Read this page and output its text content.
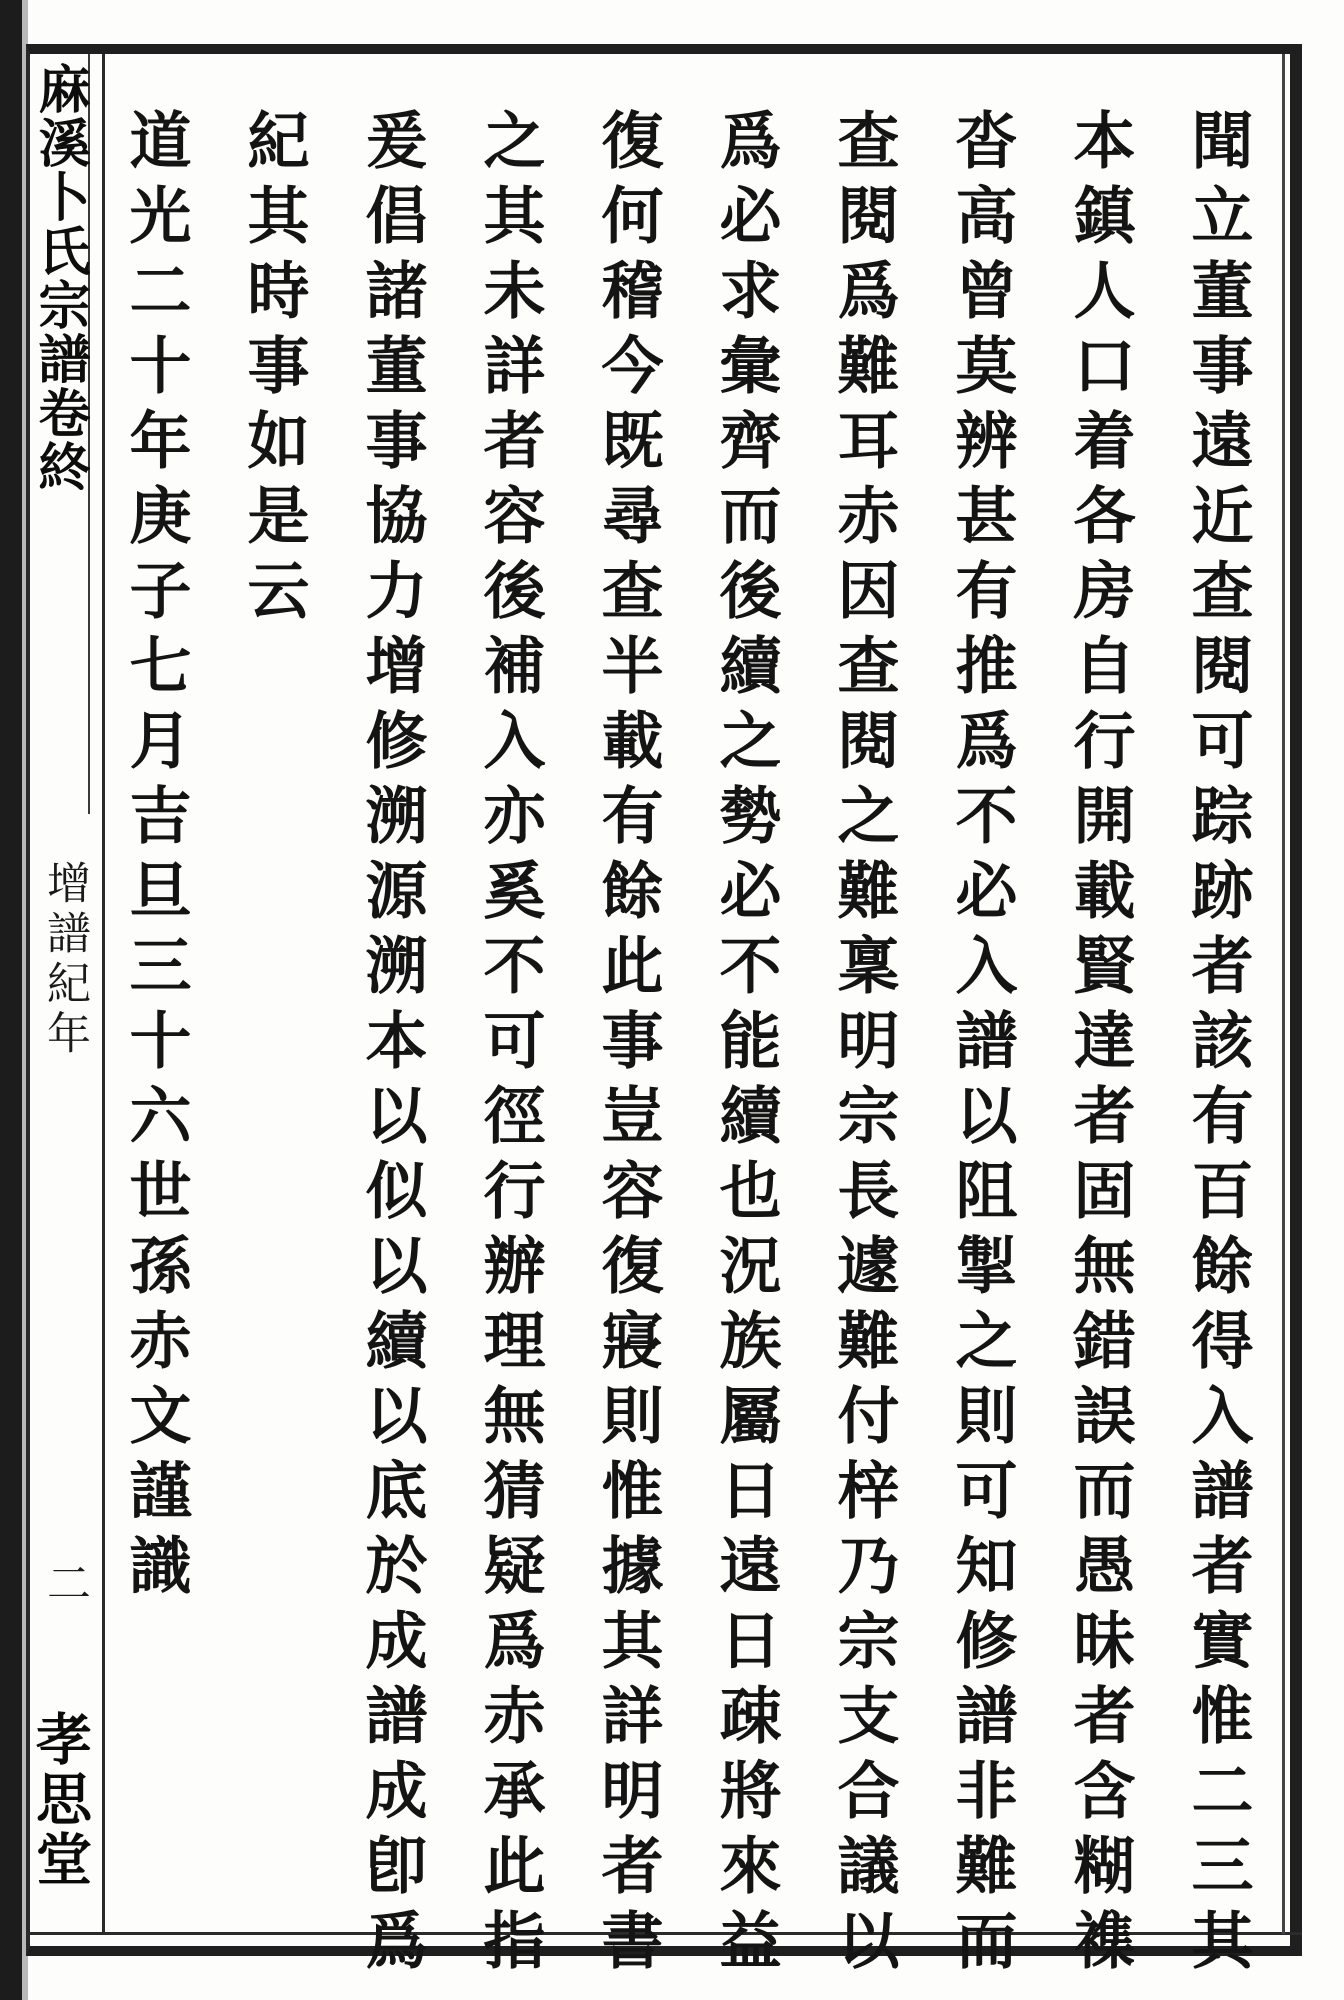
麻溪卜氏宗譜卷終
增譜紀年
二
孝思堂	聞立董事遠近查閱可踪跡者該有百餘得入譜者實惟二三其
本鎮人口着各房自行開載賢達者固無錯誤而愚昧者含糊襍
沓高曾莫辨甚有推爲不必入譜以阻掣之則可知修譜非難而
查閱爲難耳赤因查閱之難稟明宗長遽難付梓乃宗支合議以
爲必求彙齊而後續之勢必不能續也況族屬日遠日疎將來益
復何稽今既尋查半載有餘此事豈容復寢則惟據其詳明者書
之其未詳者容後補入亦奚不可徑行辦理無猜疑爲赤承此指
爰倡諸董事協力增修溯源溯本以似以續以底於成譜成卽爲
紀其時事如是云
道光二十年庚子七月吉旦三十六世孫赤文謹識
